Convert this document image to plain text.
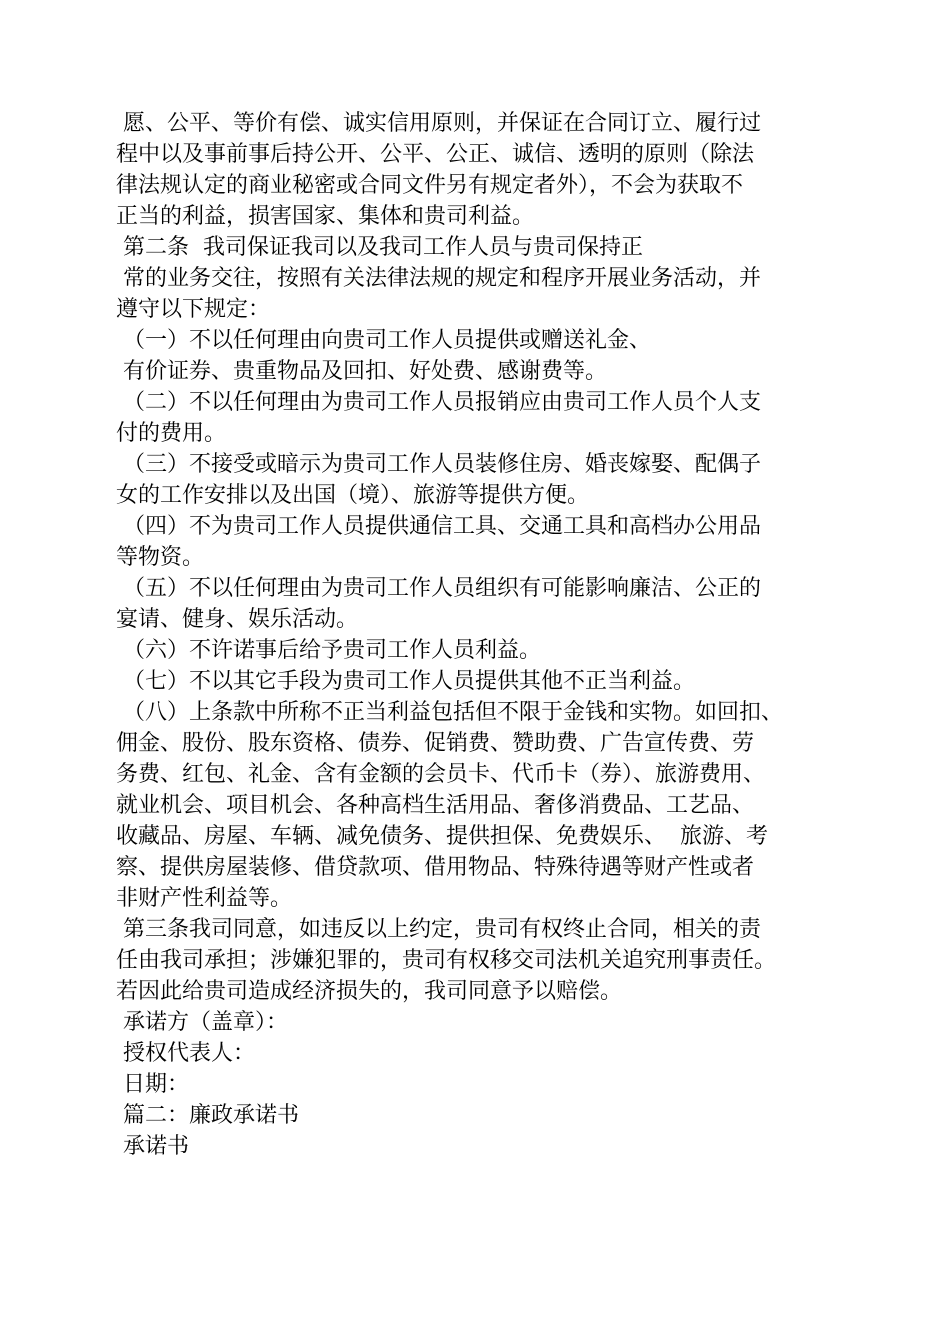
愿、公平、等价有偿、诚实信用原则，并保证在合同订立、履行过
程中以及事前事后持公开、公平、公正、诚信、透明的原则（除法
律法规认定的商业秘密或合同文件另有规定者外），不会为获取不
正当的利益，损害国家、集体和贵司利益。
第二条  我司保证我司以及我司工作人员与贵司保持正
常的业务交往，按照有关法律法规的规定和程序开展业务活动，并
遵守以下规定：
（一）不以任何理由向贵司工作人员提供或赠送礼金、
有价证券、贵重物品及回扣、好处费、感谢费等。
（二）不以任何理由为贵司工作人员报销应由贵司工作人员个人支
付的费用。
（三）不接受或暗示为贵司工作人员装修住房、婚丧嫁娶、配偶子
女的工作安排以及出国（境）、旅游等提供方便。
（四）不为贵司工作人员提供通信工具、交通工具和高档办公用品
等物资。
（五）不以任何理由为贵司工作人员组织有可能影响廉洁、公正的
宴请、健身、娱乐活动。
（六）不许诺事后给予贵司工作人员利益。
（七）不以其它手段为贵司工作人员提供其他不正当利益。
（八）上条款中所称不正当利益包括但不限于金钱和实物。如回扣、
佣金、股份、股东资格、债券、促销费、赞助费、广告宣传费、劳
务费、红包、礼金、含有金额的会员卡、代币卡（券）、旅游费用、
就业机会、项目机会、各种高档生活用品、奢侈消费品、工艺品、
收藏品、房屋、车辆、减免债务、提供担保、免费娱乐、  旅游、考
察、提供房屋装修、借贷款项、借用物品、特殊待遇等财产性或者
非财产性利益等。
第三条我司同意，如违反以上约定，贵司有权终止合同，相关的责
任由我司承担；涉嫌犯罪的，贵司有权移交司法机关追究刑事责任。
若因此给贵司造成经济损失的，我司同意予以赔偿。
承诺方（盖章）：
授权代表人：
日期：
篇二：廉政承诺书
承诺书
